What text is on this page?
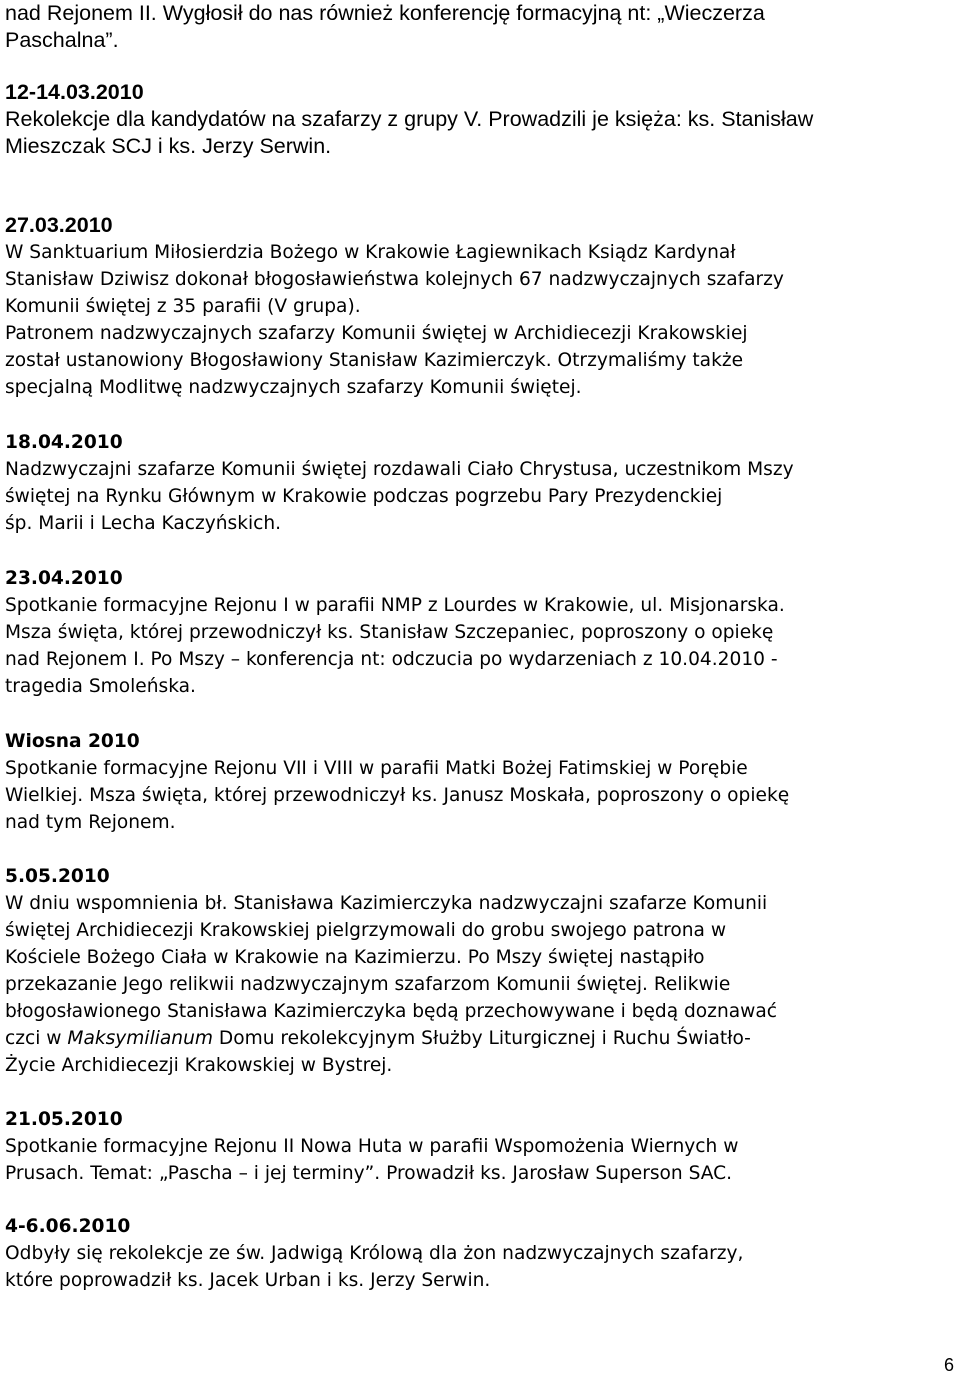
nad Rejonem II. Wygłosił do nas również konferencję formacyjną nt: „Wieczerza
Paschalna”.
12-14.03.2010
Rekolekcje dla kandydatów na szafarzy z grupy V. Prowadzili je księża: ks. Stanisław
Mieszczak SCJ i ks. Jerzy Serwin.
27.03.2010
W Sanktuarium Miłosierdzia Bożego w Krakowie Łagiewnikach Ksiądz Kardynał
Stanisław Dziwisz dokonał błogosławieństwa kolejnych 67 nadzwyczajnych szafarzy
Komunii świętej z 35 parafii (V grupa).
Patronem nadzwyczajnych szafarzy Komunii świętej w Archidiecezji Krakowskiej
został ustanowiony Błogosławiony Stanisław Kazimierczyk. Otrzymaliśmy także
specjalną Modlitwę nadzwyczajnych szafarzy Komunii świętej.
18.04.2010
Nadzwyczajni szafarze Komunii świętej rozdawali Ciało Chrystusa, uczestnikom Mszy
świętej na Rynku Głównym w Krakowie podczas pogrzebu Pary Prezydenckiej
śp. Marii i Lecha Kaczyńskich.
23.04.2010
Spotkanie formacyjne Rejonu I w parafii NMP z Lourdes w Krakowie, ul. Misjonarska.
Msza święta, której przewodniczył ks. Stanisław Szczepaniec, poproszony o opiekę
nad Rejonem I. Po Mszy – konferencja nt: odczucia po wydarzeniach z 10.04.2010 -
tragedia Smoleńska.
Wiosna 2010
Spotkanie formacyjne Rejonu VII i VIII w parafii Matki Bożej Fatimskiej w Porębie
Wielkiej. Msza święta, której przewodniczył ks. Janusz Moskała, poproszony o opiekę
nad tym Rejonem.
5.05.2010
W dniu wspomnienia bł. Stanisława Kazimierczyka nadzwyczajni szafarze Komunii
świętej Archidiecezji Krakowskiej pielgrzymowali do grobu swojego patrona w
Kościele Bożego Ciała w Krakowie na Kazimierzu. Po Mszy świętej nastąpiło
przekazanie Jego relikwii nadzwyczajnym szafarzom Komunii świętej. Relikwie
błogosławionego Stanisława Kazimierczyka będą przechowywane i będą doznawać
czci w Maksymilianum Domu rekolekcyjnym Służby Liturgicznej i Ruchu Światło-
Życie Archidiecezji Krakowskiej w Bystrej.
21.05.2010
Spotkanie formacyjne Rejonu II Nowa Huta w parafii Wspomożenia Wiernych w
Prusach. Temat: „Pascha – i jej terminy”. Prowadził ks. Jarosław Superson SAC.
4-6.06.2010
Odbyły się rekolekcje ze św. Jadwigą Królową dla żon nadzwyczajnych szafarzy,
które poprowadził ks. Jacek Urban i ks. Jerzy Serwin.
6
